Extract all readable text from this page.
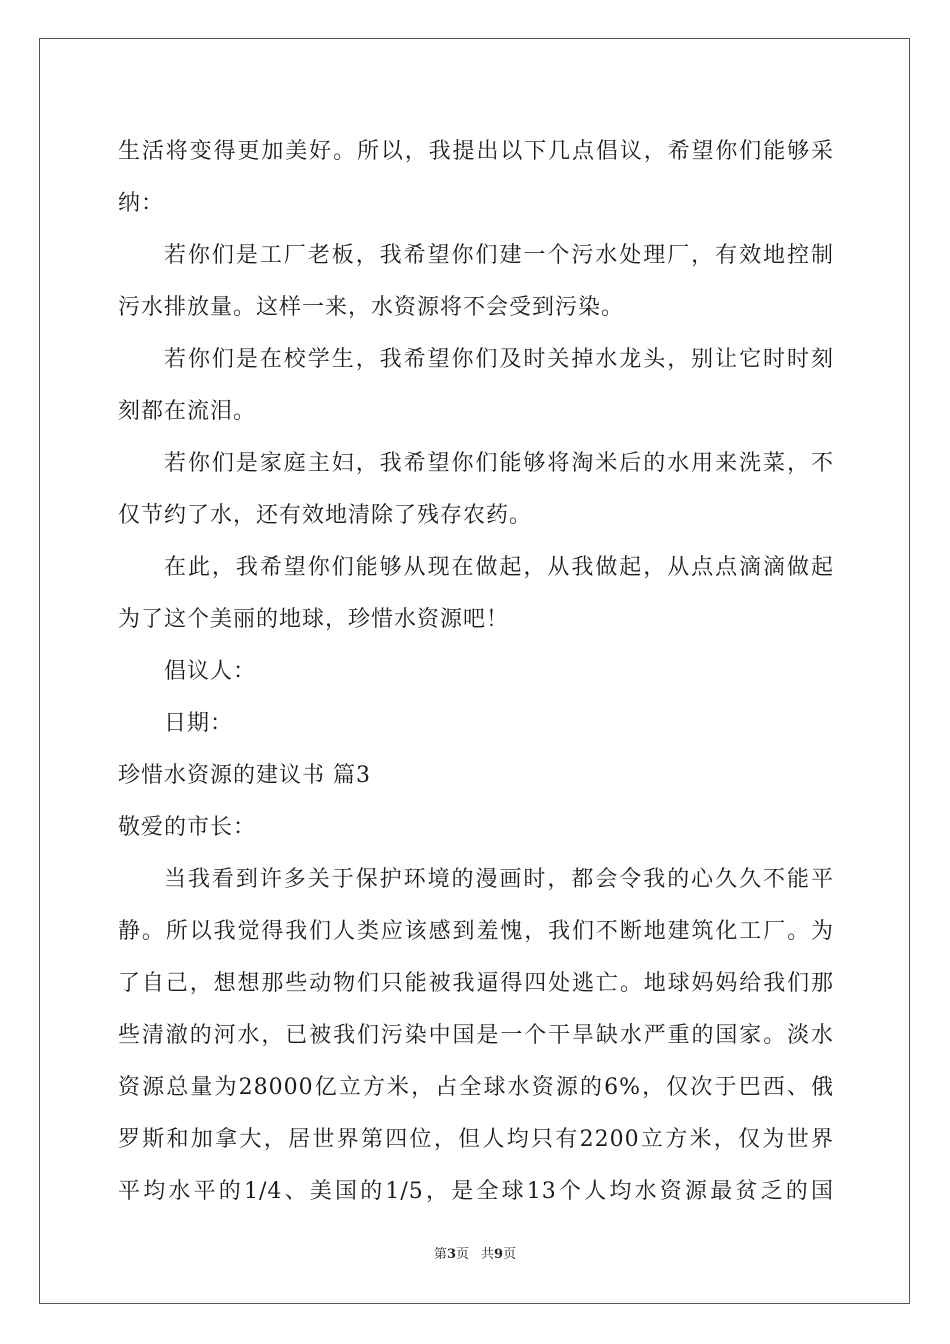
生活将变得更加美好。所以，我提出以下几点倡议，希望你们能够采
纳：
若你们是工厂老板，我希望你们建一个污水处理厂，有效地控制
污水排放量。这样一来，水资源将不会受到污染。
若你们是在校学生，我希望你们及时关掉水龙头，别让它时时刻
刻都在流泪。
若你们是家庭主妇，我希望你们能够将淘米后的水用来洗菜，不
仅节约了水，还有效地清除了残存农药。
在此，我希望你们能够从现在做起，从我做起，从点点滴滴做起
为了这个美丽的地球，珍惜水资源吧！
倡议人：
日期：
珍惜水资源的建议书 篇3
敬爱的市长：
当我看到许多关于保护环境的漫画时，都会令我的心久久不能平
静。所以我觉得我们人类应该感到羞愧，我们不断地建筑化工厂。为
了自己，想想那些动物们只能被我逼得四处逃亡。地球妈妈给我们那
些清澈的河水，已被我们污染中国是一个干旱缺水严重的国家。淡水
资源总量为28000亿立方米，占全球水资源的6%，仅次于巴西、俄
罗斯和加拿大，居世界第四位，但人均只有2200立方米，仅为世界
平均水平的1/4、美国的1/5，是全球13个人均水资源最贫乏的国
第3页 共9页
